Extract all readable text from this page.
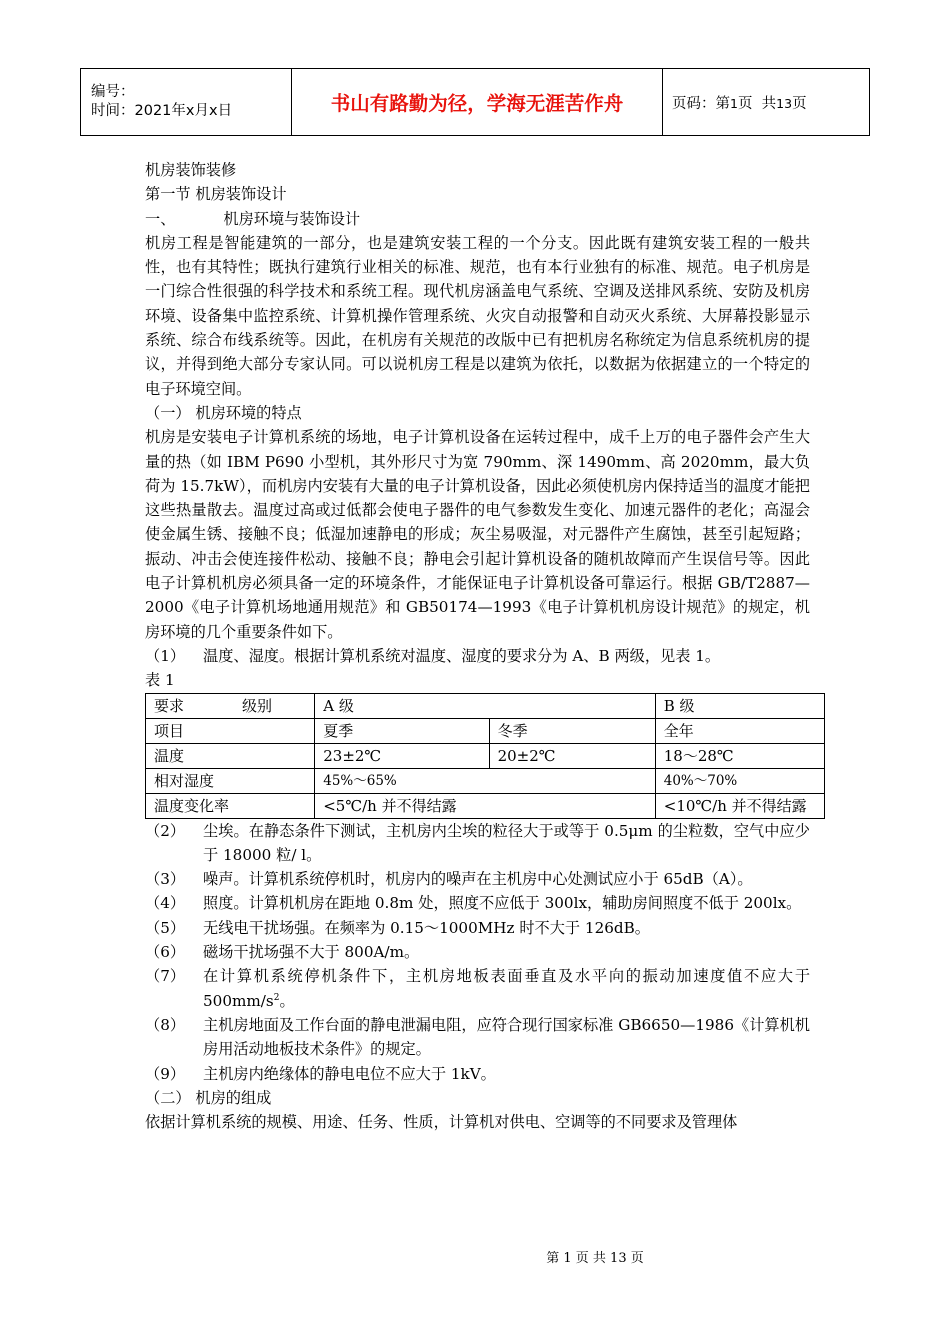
编号：
时间：2021年x月x日	书山有路勤为径，学海无涯苦作舟	页码：第1页 共13页

机房装饰装修

第一节 机房装饰设计

一、	机房环境与装饰设计

机房工程是智能建筑的一部分，也是建筑安装工程的一个分支。因此既有建筑安装工程的一般共性，也有其特性；既执行建筑行业相关的标准、规范，也有本行业独有的标准、规范。电子机房是一门综合性很强的科学技术和系统工程。现代机房涵盖电气系统、空调及送排风系统、安防及机房环境、设备集中监控系统、计算机操作管理系统、火灾自动报警和自动灭火系统、大屏幕投影显示系统、综合布线系统等。因此，在机房有关规范的改版中已有把机房名称统定为信息系统机房的提议，并得到绝大部分专家认同。可以说机房工程是以建筑为依托，以数据为依据建立的一个特定的电子环境空间。

（一） 机房环境的特点

机房是安装电子计算机系统的场地，电子计算机设备在运转过程中，成千上万的电子器件会产生大量的热（如 IBM P690 小型机，其外形尺寸为宽 790mm、深 1490mm、高 2020mm，最大负荷为 15.7kW），而机房内安装有大量的电子计算机设备，因此必须使机房内保持适当的温度才能把这些热量散去。温度过高或过低都会使电子器件的电气参数发生变化、加速元器件的老化；高湿会使金属生锈、接触不良；低湿加速静电的形成；灰尘易吸湿，对元器件产生腐蚀，甚至引起短路；振动、冲击会使连接件松动、接触不良；静电会引起计算机设备的随机故障而产生误信号等。因此电子计算机机房必须具备一定的环境条件，才能保证电子计算机设备可靠运行。根据 GB/T2887—2000《电子计算机场地通用规范》和 GB50174—1993《电子计算机机房设计规范》的规定，机房环境的几个重要条件如下。

（1）	温度、湿度。根据计算机系统对温度、湿度的要求分为 A、B 两级，见表 1。

表 1

要求 级别	A 级		B 级
项目	夏季	冬季	全年
温度	23±2℃	20±2℃	18～28℃
相对湿度	45%～65%		40%～70%
温度变化率	<5℃/h 并不得结露		<10℃/h 并不得结露
（2）	尘埃。在静态条件下测试，主机房内尘埃的粒径大于或等于 0.5μm 的尘粒数，空气中应少于 18000 粒/ l。
（3）	噪声。计算机系统停机时，机房内的噪声在主机房中心处测试应小于 65dB（A）。
（4）	照度。计算机机房在距地 0.8m 处，照度不应低于 300lx，辅助房间照度不低于 200lx。
（5）	无线电干扰场强。在频率为 0.15～1000MHz 时不大于 126dB。
（6）	磁场干扰场强不大于 800A/m。
（7）	在计算机系统停机条件下，主机房地板表面垂直及水平向的振动加速度值不应大于 $500mm/s^2$。
（8）	主机房地面及工作台面的静电泄漏电阻，应符合现行国家标准 GB6650—1986《计算机机房用活动地板技术条件》的规定。
（9）	主机房内绝缘体的静电电位不应大于 1kV。

（二） 机房的组成

依据计算机系统的规模、用途、任务、性质，计算机对供电、空调等的不同要求及管理体

第 1 页 共 13 页
